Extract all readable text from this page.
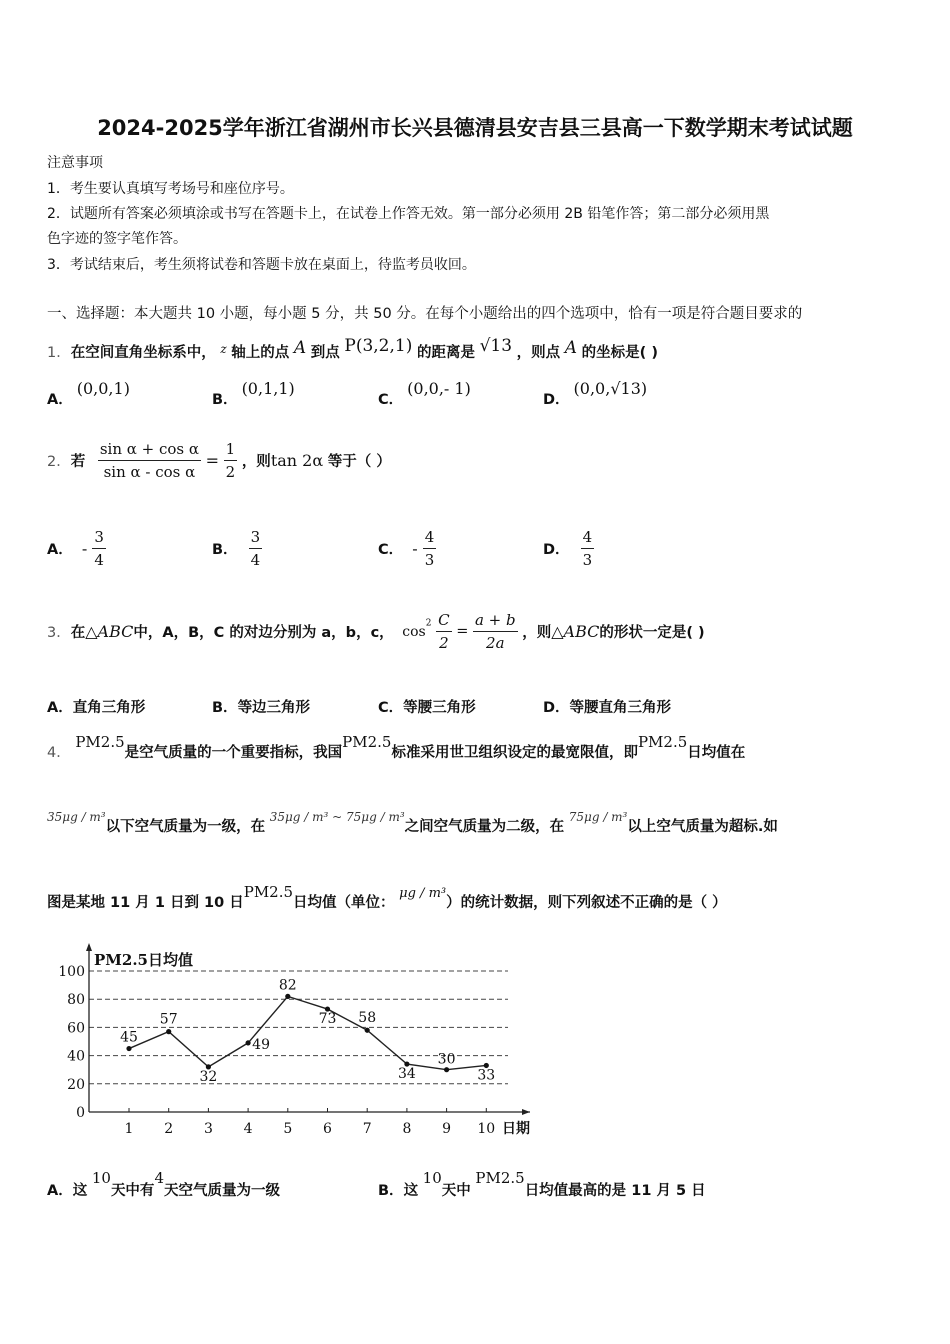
2024-2025学年浙江省湖州市长兴县德清县安吉县三县高一下数学期末考试试题
注意事项
1．考生要认真填写考场号和座位序号。
2．试题所有答案必须填涂或书写在答题卡上，在试卷上作答无效。第一部分必须用 2B 铅笔作答；第二部分必须用黑
色字迹的签字笔作答。
3．考试结束后，考生须将试卷和答题卡放在桌面上，待监考员收回。
一、选择题：本大题共 10 小题，每小题 5 分，共 50 分。在每个小题给出的四个选项中，恰有一项是符合题目要求的
1．在空间直角坐标系中， $^z$ 轴上的点 A 到点 P(3,2,1) 的距离是 √13 ，则点 A 的坐标是( )
A．(0,0,1)
B．(0,1,1)
C．(0,0,- 1)
D．(0,0,√13)
2．若 $\frac{\text{sin α + cos α}}{\text{sin α - cos α}} = \frac{1}{2}$ ，则tan 2α 等于（ ）
A． - $\frac{3}{4}$	B． $\frac{3}{4}$	C． - $\frac{4}{3}$	D． $\frac{4}{3}$
3．在△ABC中，A，B，C 的对边分别为 a，b，c， $\cos^2 \frac{C}{2} = \frac{a + b}{2a}$ ，则△ABC的形状一定是( )
A．直角三角形	B．等边三角形	C．等腰三角形	D．等腰直角三角形
4． PM2.5是空气质量的一个重要指标，我国PM2.5标准采用世卫组织设定的最宽限值，即PM2.5日均值在
$^{35\mu g / m^3}$以下空气质量为一级，在 $^{35\mu g / m^3 \sim 75\mu g / m^3}$之间空气质量为二级，在 $^{75\mu g / m^3}$以上空气质量为超标.如
图是某地 11 月 1 日到 10 日PM2.5日均值（单位： μg / m³）的统计数据，则下列叙述不正确的是（ ）
PM2.5日均值
日期
0
20
40
60
80
100
1 2 3 4 5 6 7 8 9 10
45
57
32
49
82
73 58
34
30
33
A．这 10天中有4天空气质量为一级	B．这 10天中 PM2.5日均值最高的是 11 月 5 日
